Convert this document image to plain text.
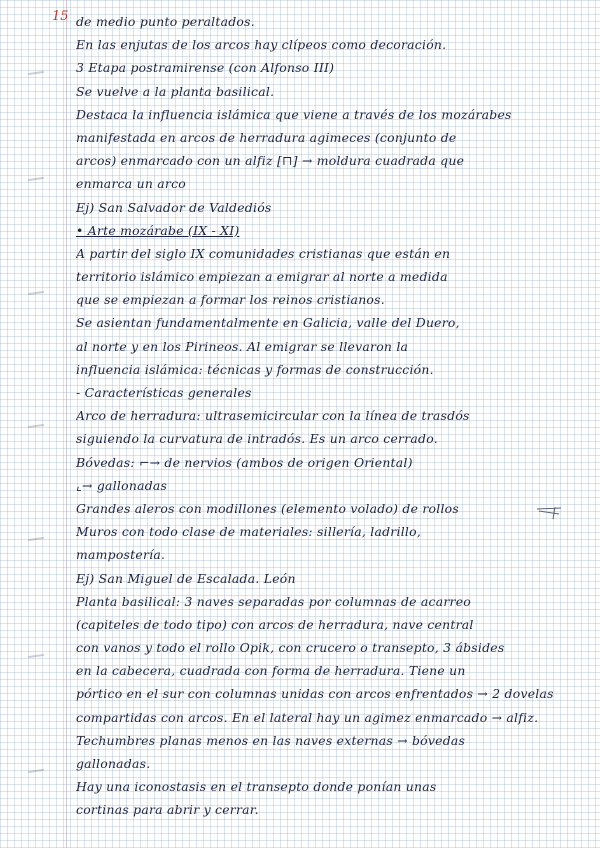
15 de medio punto peraltados.
En las enjutas de los arcos hay clípeos como decoración.
3 Etapa postramirense (con Alfonso III)
Se vuelve a la planta basilical.
Destaca la influencia islámica que viene a través de los mozárabes
manifestada en arcos de herradura agimeces (conjunto de
arcos) enmarcado con un alfiz [⊓] → moldura cuadrada que
enmarca un arco
Ej) San Salvador de Valdediós
• Arte mozárabe (IX - XI)
A partir del siglo IX comunidades cristianas que están en
territorio islámico empiezan a emigrar al norte a medida
que se empiezan a formar los reinos cristianos.
Se asientan fundamentalmente en Galicia, valle del Duero,
al norte y en los Pirineos. Al emigrar se llevaron la
influencia islámica: técnicas y formas de construcción.
- Características generales
Arco de herradura: ultrasemicircular con la línea de trasdós
siguiendo la curvatura de intradós. Es un arco cerrado.
Bóvedas: ⌐→ de nervios (ambos de origen Oriental)
⌞→ gallonadas
Grandes aleros con modillones (elemento volado) de rollos
Muros con todo clase de materiales: sillería, ladrillo,
mampostería.
Ej) San Miguel de Escalada. León
Planta basilical: 3 naves separadas por columnas de acarreo
(capiteles de todo tipo) con arcos de herradura, nave central
con vanos y todo el rollo Opik, con crucero o transepto, 3 ábsides
en la cabecera, cuadrada con forma de herradura. Tiene un
pórtico en el sur con columnas unidas con arcos enfrentados → 2 dovelas
compartidas con arcos. En el lateral hay un agimez enmarcado → alfiz.
Techumbres planas menos en las naves externas → bóvedas
gallonadas.
Hay una iconostasis en el transepto donde ponían unas
cortinas para abrir y cerrar.
